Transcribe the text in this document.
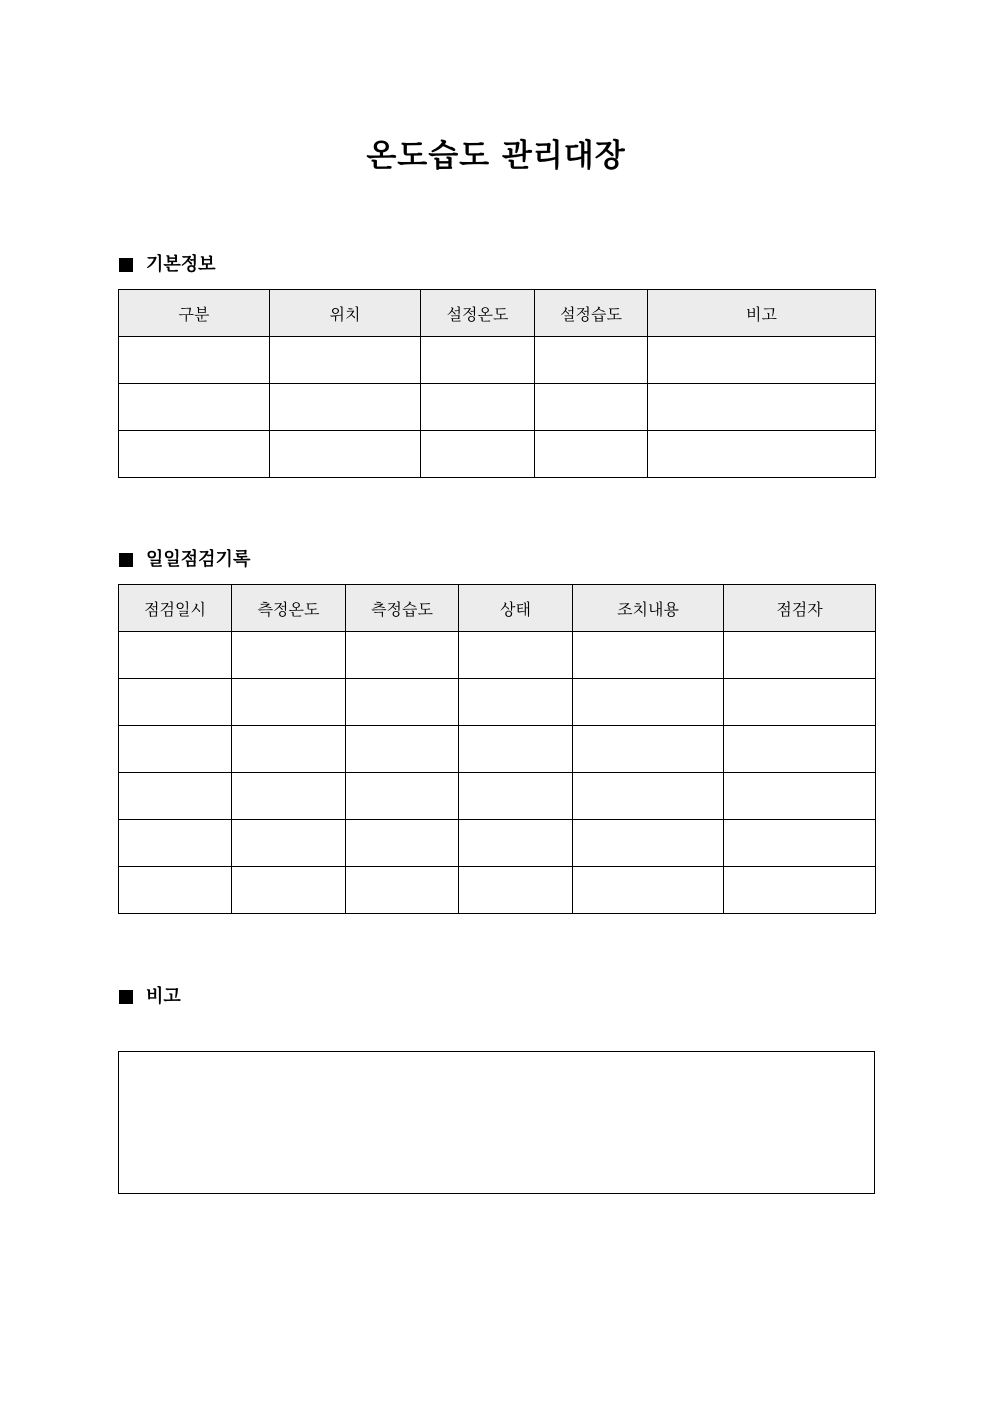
온도습도 관리대장
기본정보
구분	위치	설정온도	설정습도	비고

일일점검기록
점검일시	측정온도	측정습도	상태	조치내용	점검자

비고
